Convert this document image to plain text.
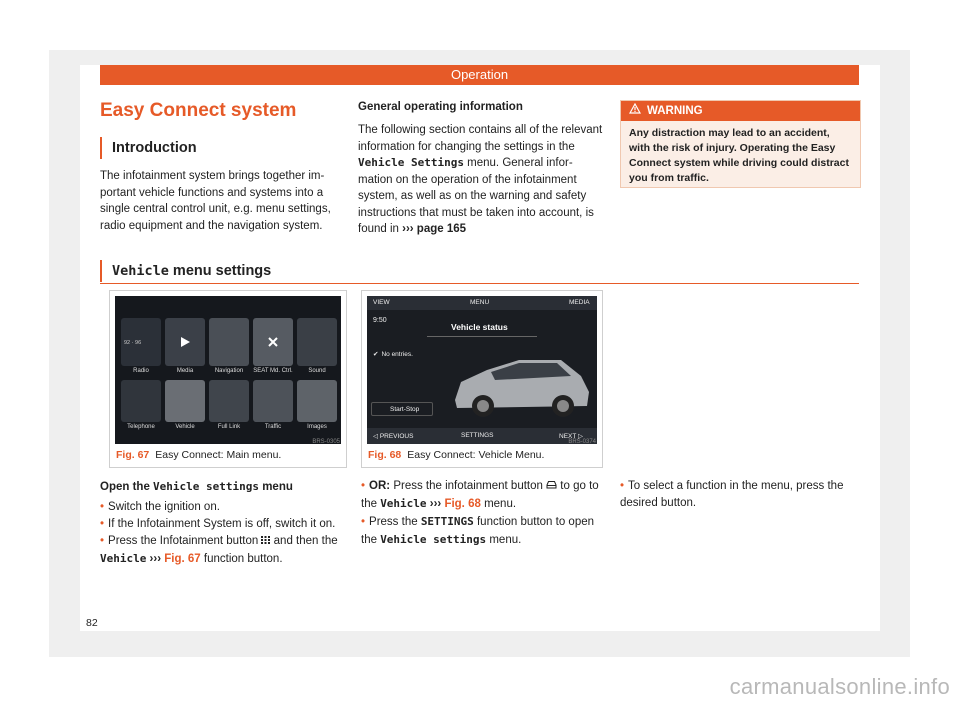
Operation
Easy Connect system
Introduction
The infotainment system brings together important vehicle functions and systems into a single central control unit, e.g. menu settings, radio equipment and the navigation system.
General operating information
The following section contains all of the relevant information for changing the settings in the Vehicle Settings menu. General information on the operation of the infotainment system, as well as on the warning and safety instructions that must be taken into account, is found in ››› page 165
WARNING
Any distraction may lead to an accident, with the risk of injury. Operating the Easy Connect system while driving could distract you from traffic.
Vehicle menu settings
92 · 96
Radio	Media	Navigation	SEAT Md. Ctrl.	Sound
Telephone	Vehicle	Full Link	Traffic	Images
BRS-0305
Fig. 67 Easy Connect: Main menu.
VIEW	MENU	MEDIA
9:50
Vehicle status
✔ No entries.
Start-Stop
◁ PREVIOUS	SETTINGS	NEXT ▷
BRS-0374
Fig. 68 Easy Connect: Vehicle Menu.
Open the Vehicle settings menu
• Switch the ignition on.
• If the Infotainment System is off, switch it on.
• Press the Infotainment button  and then the Vehicle ››› Fig. 67 function button.
• OR: Press the infotainment button  to go to the Vehicle ››› Fig. 68 menu.
• Press the SETTINGS function button to open the Vehicle settings menu.
• To select a function in the menu, press the desired button.
82
carmanualsonline.info
